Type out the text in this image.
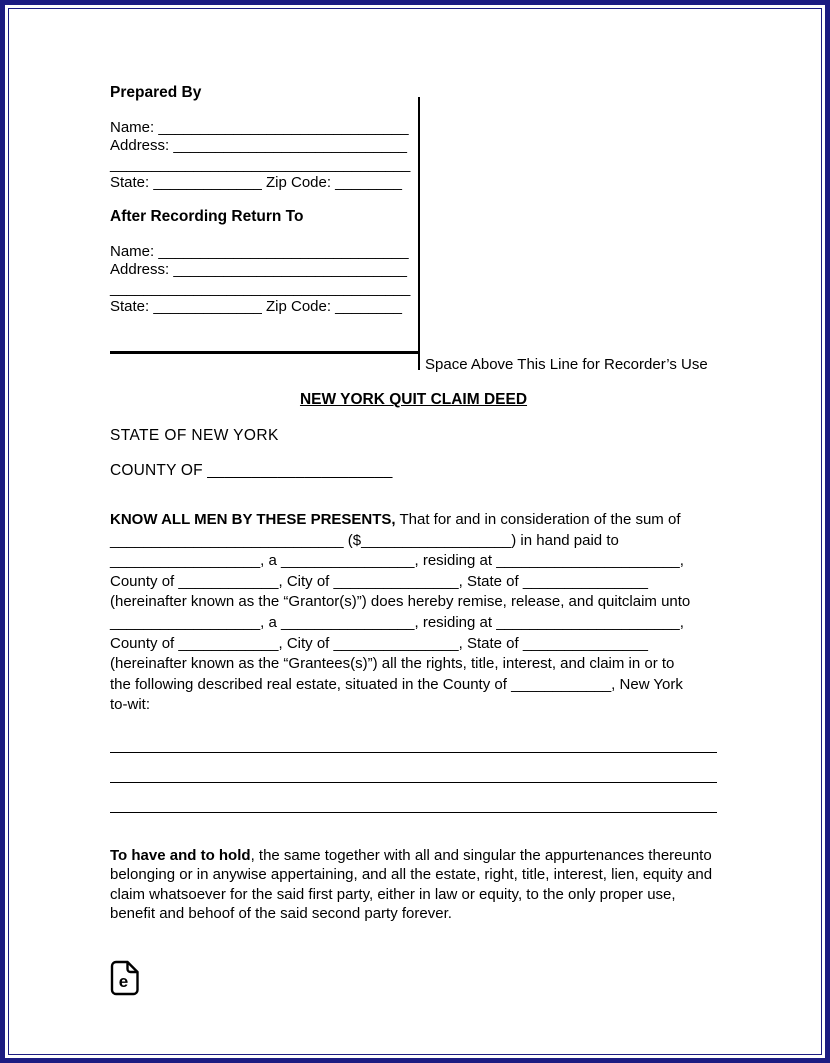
Prepared By
Name: ______________________________
Address: ____________________________
____________________________________
State: _____________ Zip Code: ________
After Recording Return To
Name: ______________________________
Address: ____________________________
____________________________________
State: _____________ Zip Code: ________
Space Above This Line for Recorder’s Use
NEW YORK QUIT CLAIM DEED
STATE OF NEW YORK
COUNTY OF _____________________
KNOW ALL MEN BY THESE PRESENTS, That for and in consideration of the sum of
____________________________ ($__________________) in hand paid to
__________________, a ________________, residing at ______________________,
County of ____________, City of _______________, State of _______________
(hereinafter known as the “Grantor(s)”) does hereby remise, release, and quitclaim unto
__________________, a ________________, residing at ______________________,
County of ____________, City of _______________, State of _______________
(hereinafter known as the “Grantees(s)”) all the rights, title, interest, and claim in or to
the following described real estate, situated in the County of ____________, New York
to-wit:
To have and to hold, the same together with all and singular the appurtenances thereunto belonging or in anywise appertaining, and all the estate, right, title, interest, lien, equity and claim whatsoever for the said first party, either in law or equity, to the only proper use, benefit and behoof of the said second party forever.
e
